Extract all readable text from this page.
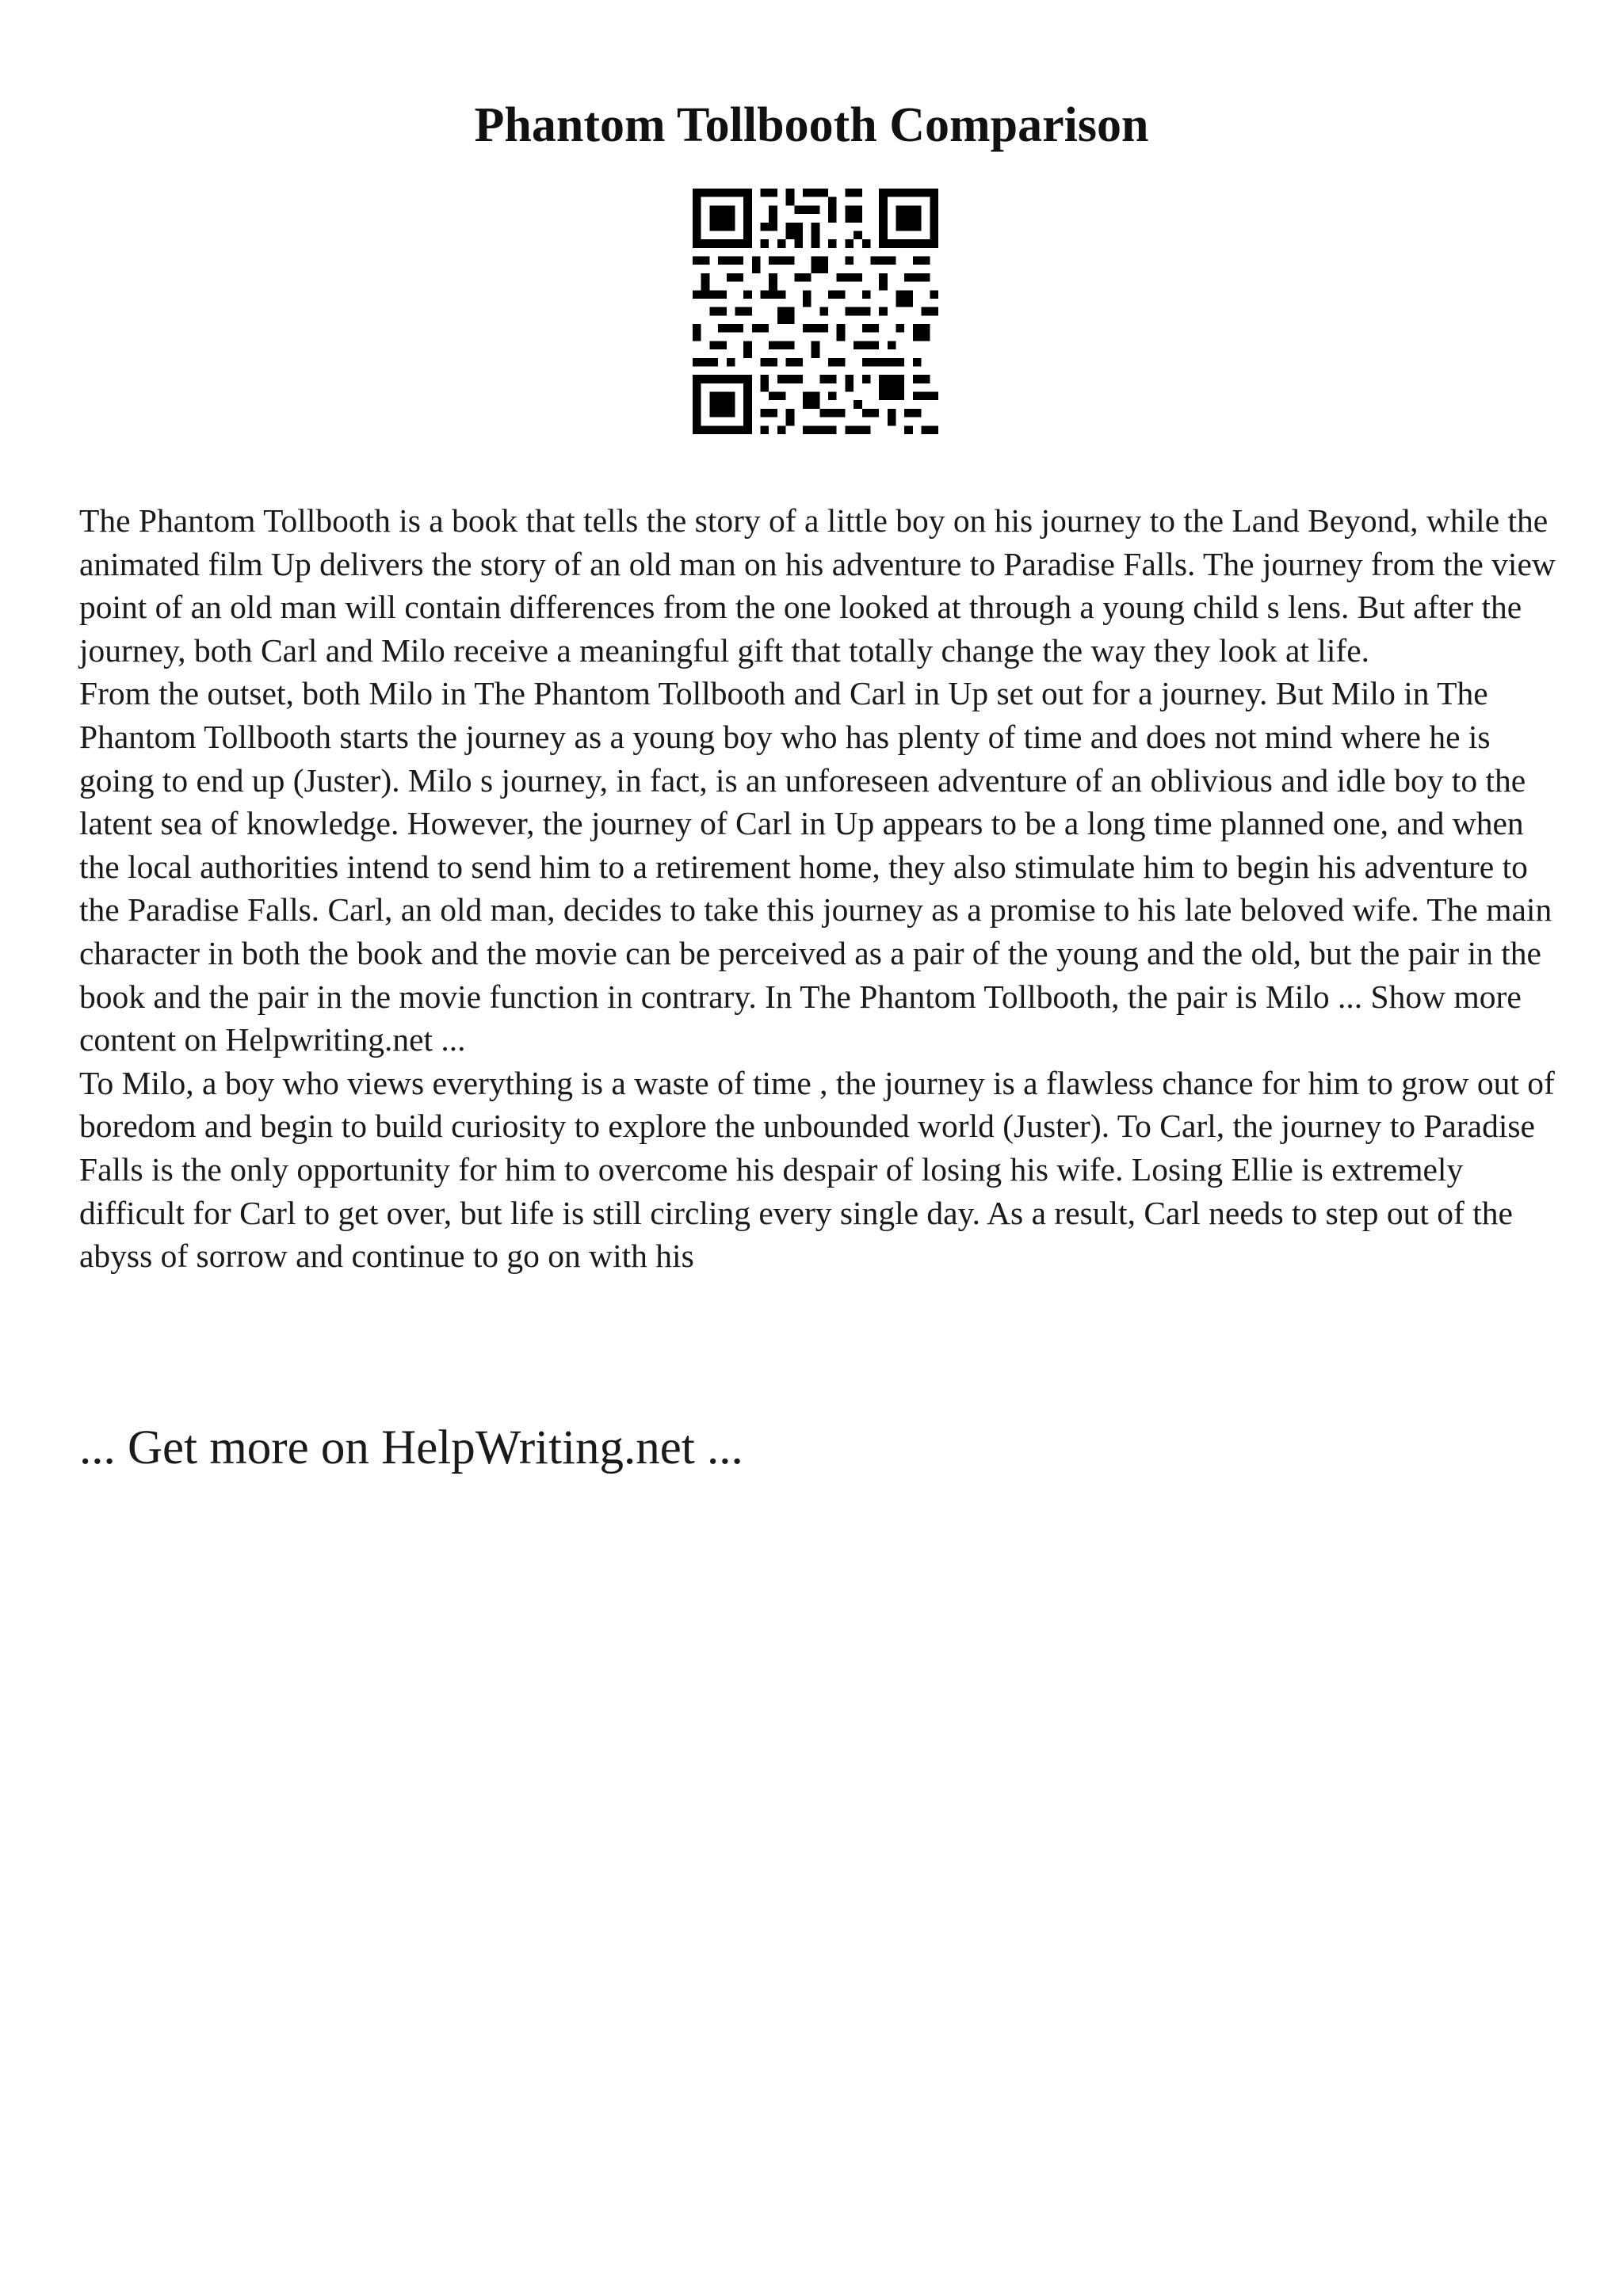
Phantom Tollbooth Comparison

The Phantom Tollbooth is a book that tells the story of a little boy on his journey to the Land Beyond, while the animated film Up delivers the story of an old man on his adventure to Paradise Falls. The journey from the view point of an old man will contain differences from the one looked at through a young child s lens. But after the journey, both Carl and Milo receive a meaningful gift that totally change the way they look at life.

From the outset, both Milo in The Phantom Tollbooth and Carl in Up set out for a journey. But Milo in The Phantom Tollbooth starts the journey as a young boy who has plenty of time and does not mind where he is going to end up (Juster). Milo s journey, in fact, is an unforeseen adventure of an oblivious and idle boy to the latent sea of knowledge. However, the journey of Carl in Up appears to be a long time planned one, and when the local authorities intend to send him to a retirement home, they also stimulate him to begin his adventure to the Paradise Falls. Carl, an old man, decides to take this journey as a promise to his late beloved wife. The main character in both the book and the movie can be perceived as a pair of the young and the old, but the pair in the book and the pair in the movie function in contrary. In The Phantom Tollbooth, the pair is Milo ... Show more content on Helpwriting.net ...

To Milo, a boy who views everything is a waste of time , the journey is a flawless chance for him to grow out of boredom and begin to build curiosity to explore the unbounded world (Juster). To Carl, the journey to Paradise Falls is the only opportunity for him to overcome his despair of losing his wife. Losing Ellie is extremely difficult for Carl to get over, but life is still circling every single day. As a result, Carl needs to step out of the abyss of sorrow and continue to go on with his

... Get more on HelpWriting.net ...
